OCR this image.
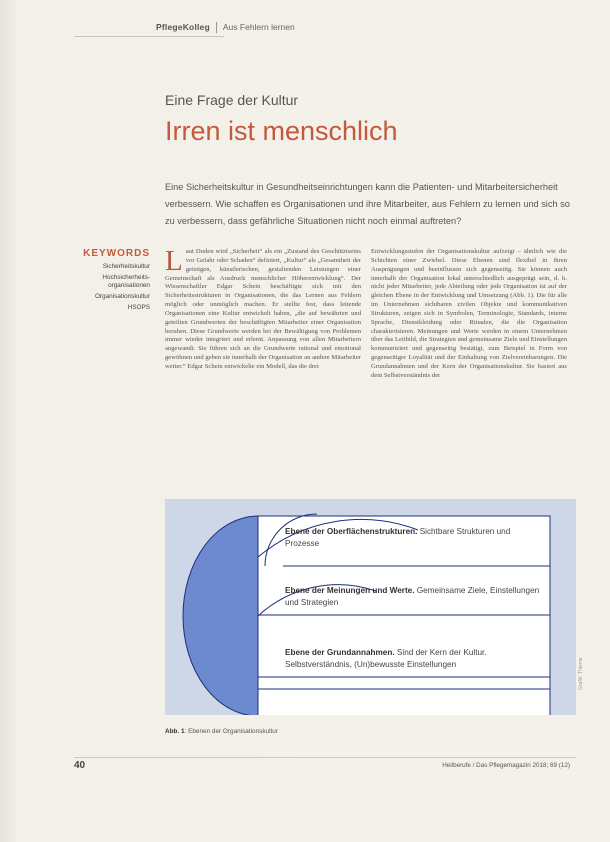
PflegeKolleg Aus Fehlern lernen
Eine Frage der Kultur
Irren ist menschlich
Eine Sicherheitskultur in Gesundheitseinrichtungen kann die Patienten- und Mitarbeitersicherheit verbessern. Wie schaffen es Organisationen und ihre Mitarbeiter, aus Fehlern zu lernen und sich so zu verbessern, dass gefährliche Situationen nicht noch einmal auftreten?
KEYWORDS
Sicherheitskultur
Hochsicherheits-organisationen
Organisationskultur
HSOPS
L aut Duden wird „Sicherheit“ als ein „Zustand des Geschütztseins vor Gefahr oder Schaden“ definiert, „Kultur“ als „Gesamtheit der geistigen, künstlerischen, gestaltenden Leistungen einer Gemeinschaft als Ausdruck menschlicher Höherentwicklung“. Der Wissenschaftler Edgar Schein beschäftigte sich mit den Sicherheitsstrukturen in Organisationen, die das Lernen aus Fehlern möglich oder unmöglich machen. Er stellte fest, dass leitende Organisationen eine Kultur entwickelt haben, „die auf bewährten und geteilten Grundwerten der beschäftigten Mitarbeiter einer Organisation beruhen. Diese Grundwerte werden bei der Bewältigung von Problemen immer wieder integriert und erlernt. Anpassung von allen Mitarbeitern angewandt. Sie führen sich an die Grundwerte rational und emotional gewöhnen und geben sie innerhalb der Organisation an andere Mitarbeiter weiter.“ Edgar Schein entwickelte ein Modell, das die drei

Entwicklungsstufen der Organisationskultur aufzeigt – ähnlich wie die Schichten einer Zwiebel. Diese Ebenen sind flexibel in ihren Ausprägungen und beeinflussen sich gegenseitig. Sie können auch innerhalb der Organisation lokal unterschiedlich ausgeprägt sein, d. h. nicht jeder Mitarbeiter, jede Abteilung oder jede Organisation ist auf der gleichen Ebene in der Entwicklung und Umsetzung (Abb. 1). Die für alle im Unternehmen sichtbaren zivilen Objekte und kommunikativen Strukturen, zeigen sich in Symbolen, Terminologie, Standards, interne Sprache, Dienstkleidung oder Ritualen, die die Organisation charakterisieren. Meinungen und Werte werden in einem Unternehmen über das Leitbild, die Strategien und gemeinsame Ziele und Einstellungen kommuniziert und gegenseitig bestätigt, zum Beispiel in Form von gegenseitiger Loyalität und der Einhaltung von Zielvereinbarungen. Die Grundannahmen und der Kern der Organisationskultur. Sie basiert aus dem Selbstverständnis der

Ebene der Oberflächenstrukturen. Sichtbare Strukturen und Prozesse
Ebene der Meinungen und Werte. Gemeinsame Ziele, Einstellungen und Strategien
Ebene der Grundannahmen. Sind der Kern der Kultur. Selbstverständnis, (Un)bewusste Einstellungen	Grafik: Thieme
Abb. 1: Ebenen der Organisationskultur
40	Heilberufe / Das Pflegemagazin 2018; 69 (12)
